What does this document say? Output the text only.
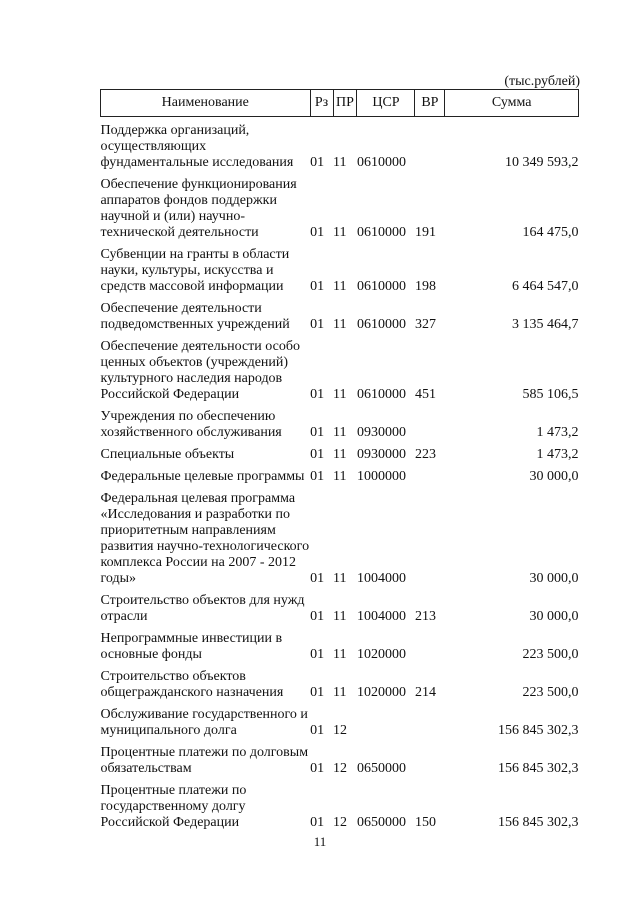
(тыс.рублей)
Наименование	Рз	ПР	ЦСР	ВР	Сумма
Поддержка организаций, осуществляющих фундаментальные исследования	01	11	0610000		10 349 593,2
Обеспечение функционирования аппаратов фондов поддержки научной и (или) научно-технической деятельности	01	11	0610000	191	164 475,0
Субвенции на гранты в области науки, культуры, искусства и средств массовой информации	01	11	0610000	198	6 464 547,0
Обеспечение деятельности подведомственных учреждений	01	11	0610000	327	3 135 464,7
Обеспечение деятельности особо ценных объектов (учреждений) культурного наследия народов Российской Федерации	01	11	0610000	451	585 106,5
Учреждения по обеспечению хозяйственного обслуживания	01	11	0930000		1 473,2
Специальные объекты	01	11	0930000	223	1 473,2
Федеральные целевые программы	01	11	1000000		30 000,0
Федеральная целевая программа «Исследования и разработки по приоритетным направлениям развития научно-технологического комплекса России на 2007 - 2012 годы»	01	11	1004000		30 000,0
Строительство объектов для нужд отрасли	01	11	1004000	213	30 000,0
Непрограммные инвестиции в основные фонды	01	11	1020000		223 500,0
Строительство объектов общегражданского назначения	01	11	1020000	214	223 500,0
Обслуживание государственного и муниципального долга	01	12			156 845 302,3
Процентные платежи по долговым обязательствам	01	12	0650000		156 845 302,3
Процентные платежи по государственному долгу Российской Федерации	01	12	0650000	150	156 845 302,3
11
